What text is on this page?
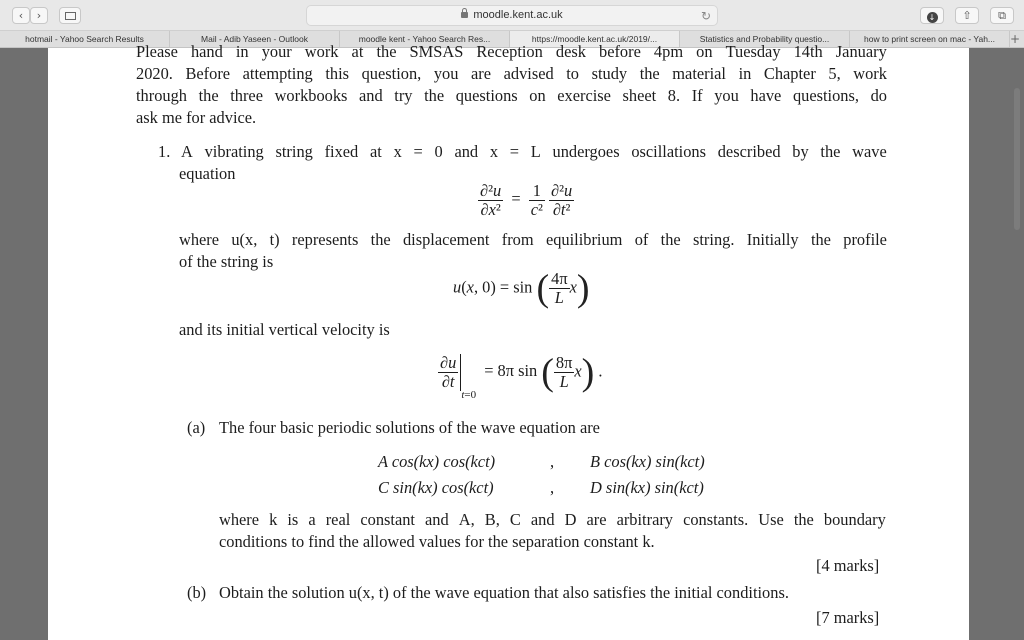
‹	›	moodle.kent.ac.uk	↻	↓	⇧	⧉
hotmail - Yahoo Search Results	Mail - Adib Yaseen - Outlook	moodle kent - Yahoo Search Res...	https://moodle.kent.ac.uk/2019/...	Statistics and Probability questio...	how to print screen on mac - Yah...	+
Please hand in your work at the SMSAS Reception desk before 4pm on Tuesday 14th January
2020. Before attempting this question, you are advised to study the material in Chapter 5, work
through the three workbooks and try the questions on exercise sheet 8. If you have questions, do
ask me for advice.
1. A vibrating string fixed at x = 0 and x = L undergoes oscillations described by the wave
equation
$\frac{\text{∂²u}}{\text{∂x²}} = \frac{1}{\text{c²}}$
$\frac{\text{∂²u}}{\text{∂t²}}$
where u(x, t) represents the displacement from equilibrium of the string. Initially the profile
of the string is
u(x, 0) = sin ( $\frac{4\pi}{L} x$)
and its initial vertical velocity is
$\frac{\partial u}{\partial t}$
$_{t=0}$ = 8π sin ( $\frac{8\pi}{L} x$) .
(a) The four basic periodic solutions of the wave equation are
A cos(kx) cos(kct)	, B cos(kx) sin(kct)
C sin(kx) cos(kct)	, D sin(kx) sin(kct)
where k is a real constant and A, B, C and D are arbitrary constants. Use the boundary
conditions to find the allowed values for the separation constant k.
[4 marks]
(b) Obtain the solution u(x, t) of the wave equation that also satisfies the initial conditions.
[7 marks]
